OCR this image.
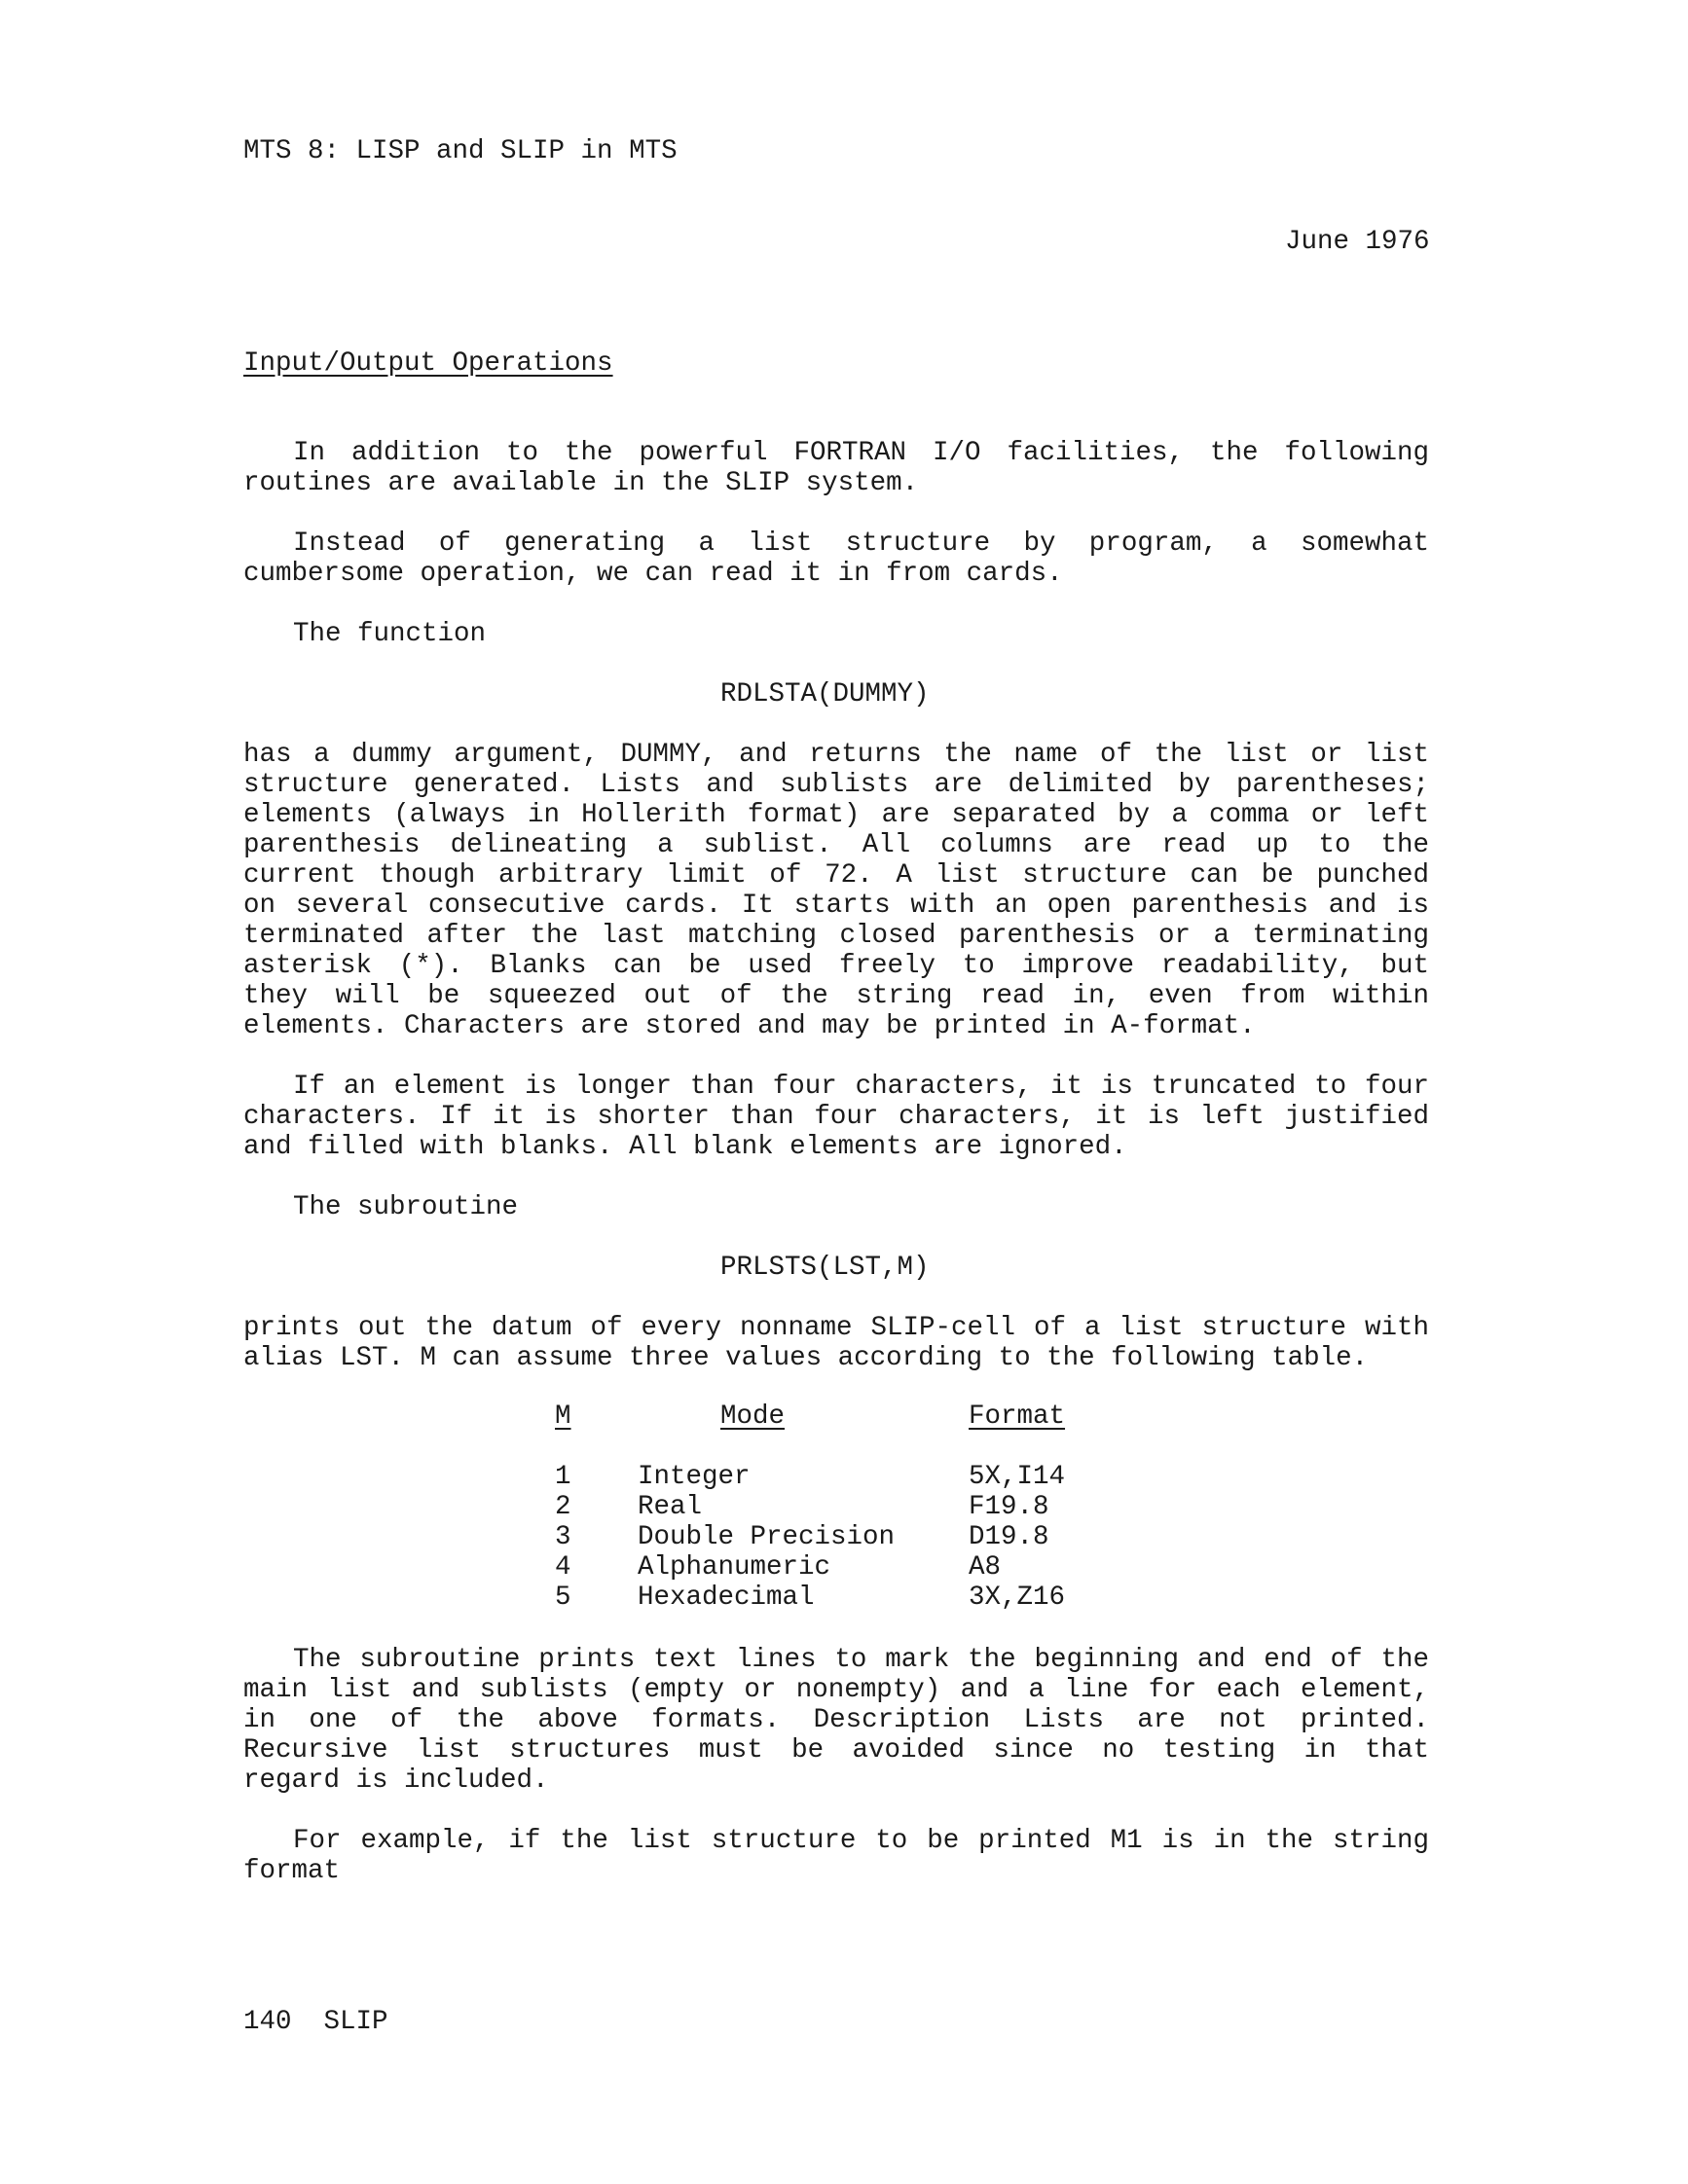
MTS 8: LISP and SLIP in MTS
June 1976
Input/Output Operations
In addition to the powerful FORTRAN I/O facilities, the following
routines are available in the SLIP system.
Instead of generating a list structure by program, a somewhat
cumbersome operation, we can read it in from cards.
The function
RDLSTA(DUMMY)
has a dummy argument, DUMMY, and returns the name of the list or list
structure generated. Lists and sublists are delimited by parentheses;
elements (always in Hollerith format) are separated by a comma or left
parenthesis delineating a sublist. All columns are read up to the
current though arbitrary limit of 72. A list structure can be punched
on several consecutive cards. It starts with an open parenthesis and is
terminated after the last matching closed parenthesis or a terminating
asterisk (*). Blanks can be used freely to improve readability, but
they will be squeezed out of the string read in, even from within
elements. Characters are stored and may be printed in A-format.
If an element is longer than four characters, it is truncated to four
characters. If it is shorter than four characters, it is left justified
and filled with blanks. All blank elements are ignored.
The subroutine
PRLSTS(LST,M)
prints out the datum of every nonname SLIP-cell of a list structure with
alias LST. M can assume three values according to the following table.
M	Mode	Format
1 Integer	5X,I14
2 Real	F19.8
3 Double Precision	D19.8
4 Alphanumeric	A8
5 Hexadecimal	3X,Z16
The subroutine prints text lines to mark the beginning and end of the
main list and sublists (empty or nonempty) and a line for each element,
in one of the above formats. Description Lists are not printed.
Recursive list structures must be avoided since no testing in that
regard is included.
For example, if the list structure to be printed M1 is in the string
format
140  SLIP
